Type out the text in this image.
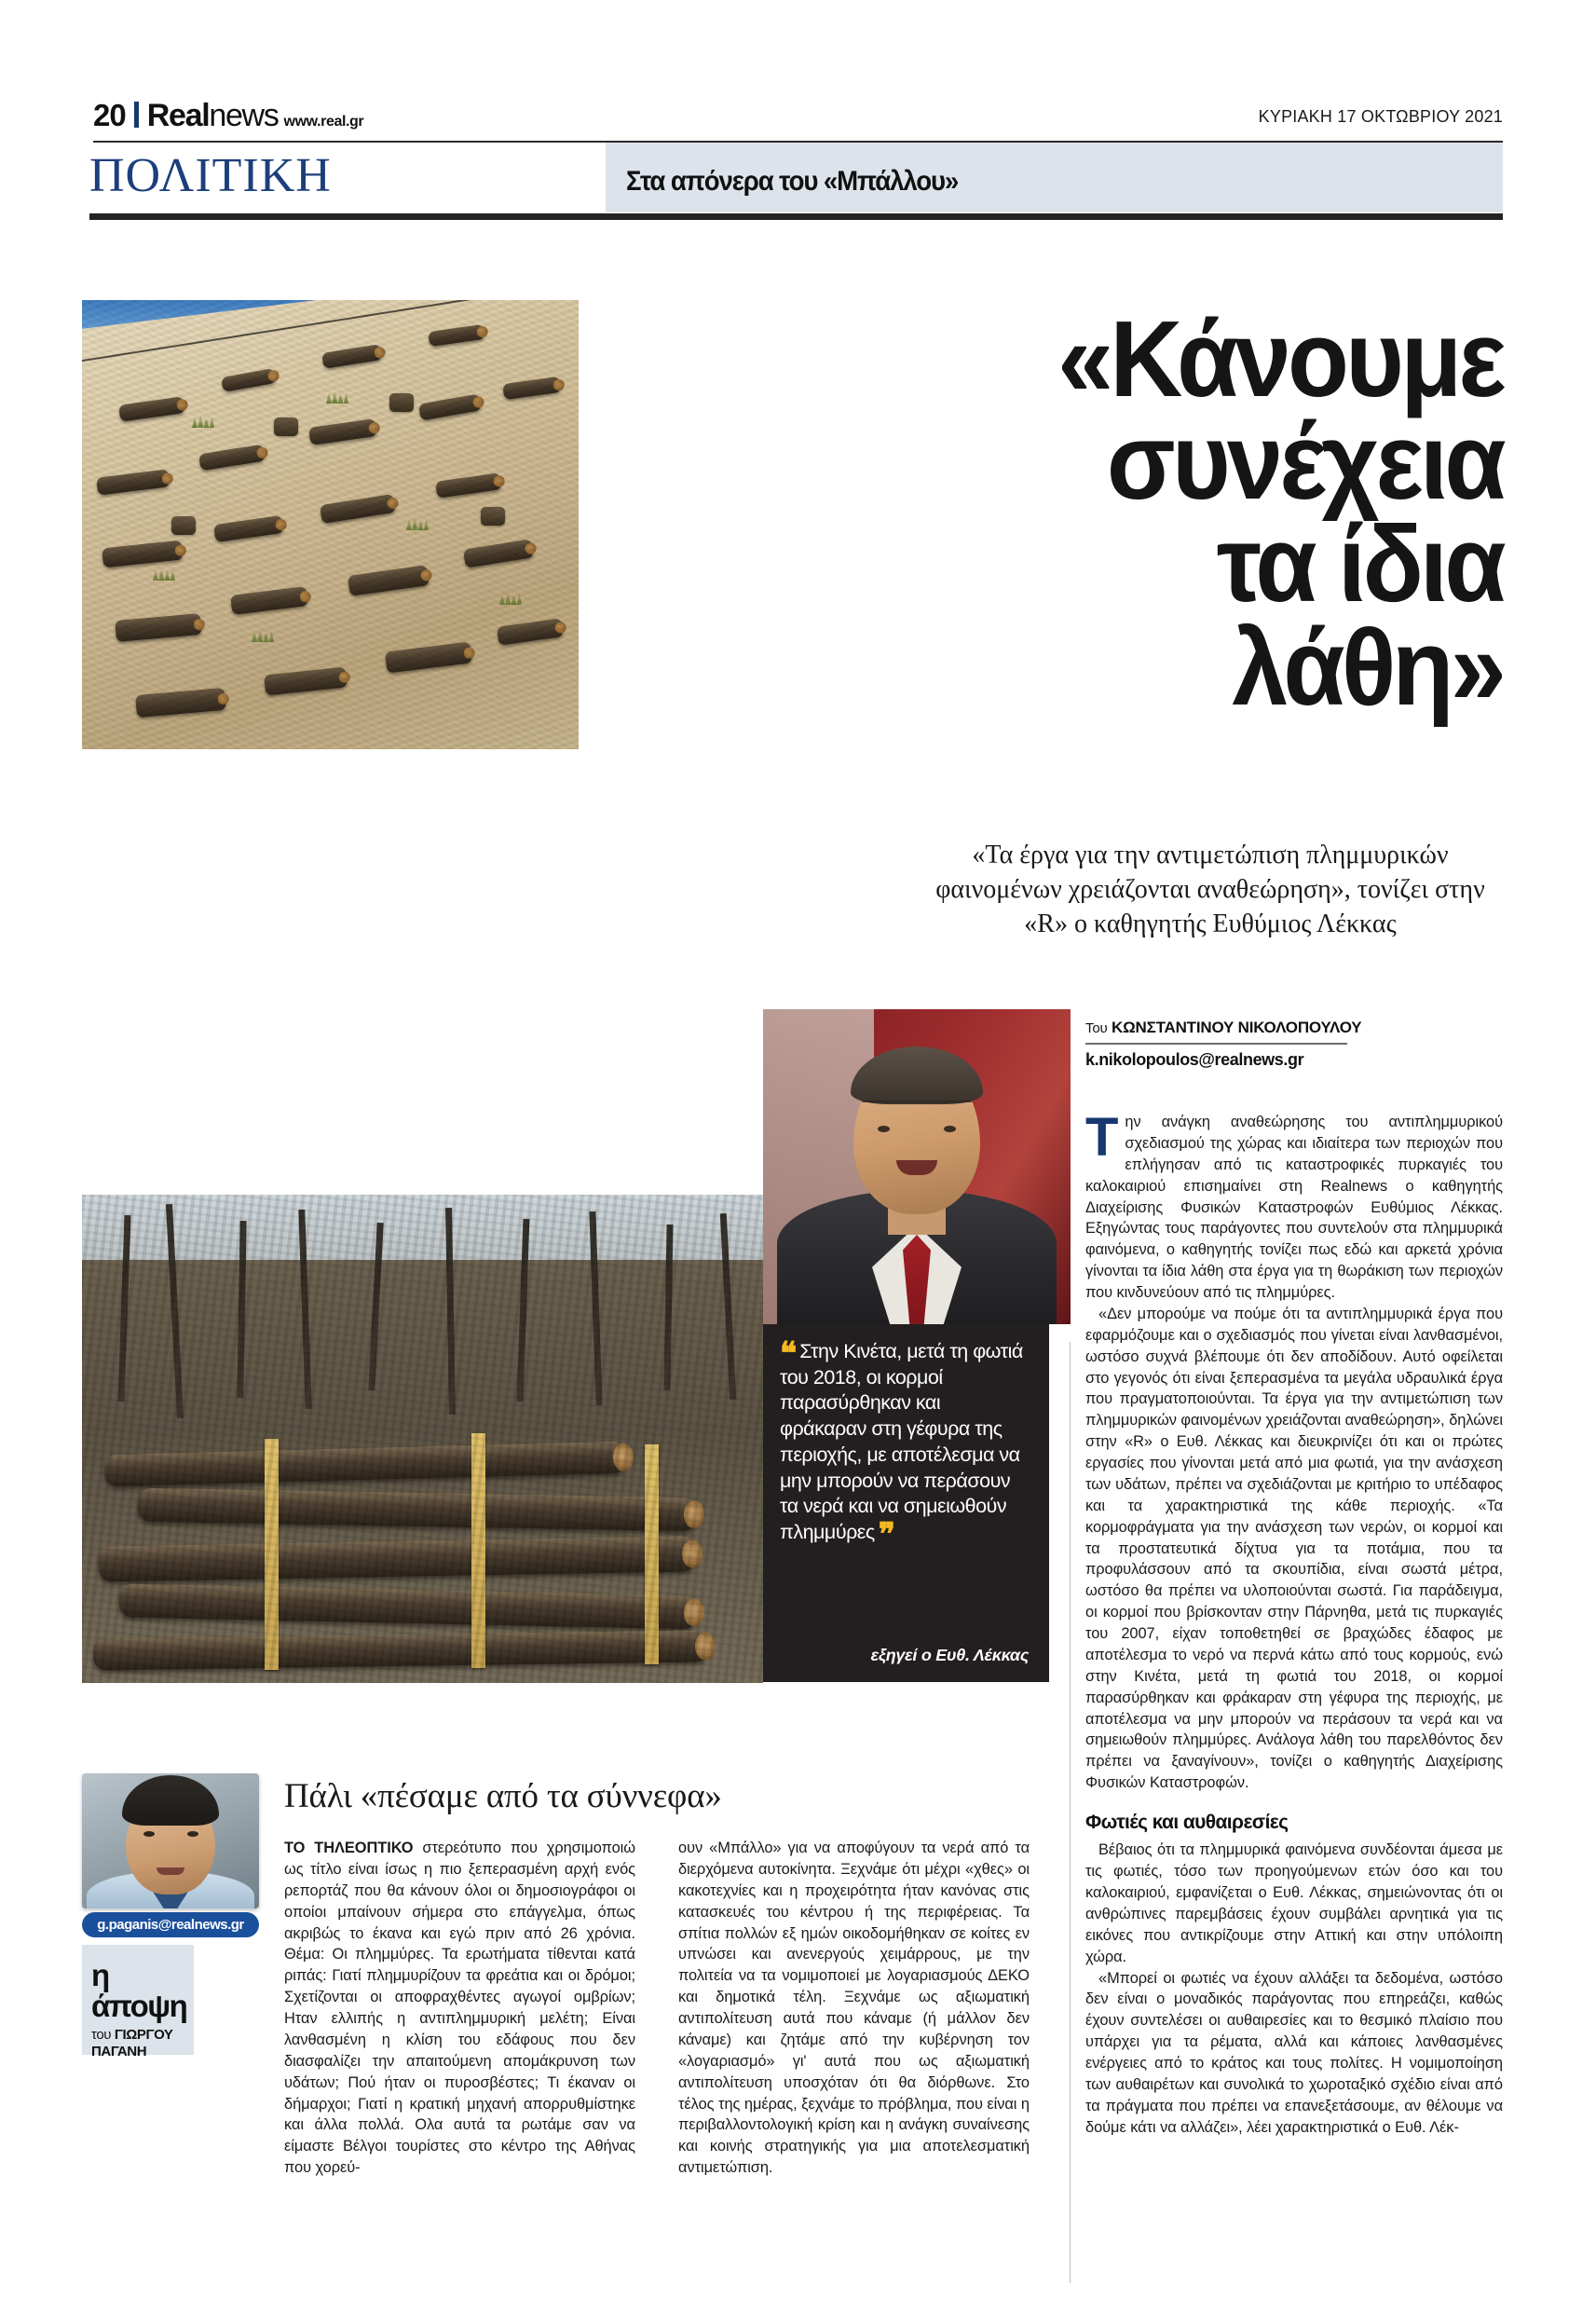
20 Realnews www.real.gr	ΚΥΡΙΑΚΗ 17 ΟΚΤΩΒΡΙΟΥ 2021
ΠΟΛΙΤΙΚΗ	Στα απόνερα του «Μπάλλου»
«Κάνουμε
συνέχεια
τα ίδια
λάθη»
«Τα έργα για την αντιμετώπιση πλημμυρικών φαινομένων χρειάζονται αναθεώρηση», τονίζει στην «R» ο καθηγητής Ευθύμιος Λέκκας
Του ΚΩΝΣΤΑΝΤΙΝΟΥ ΝΙΚΟΛΟΠΟΥΛΟΥ
k.nikolopoulos@realnews.gr

Τ ην ανάγκη αναθεώρησης του αντιπλημμυρικού σχεδιασμού της χώρας και ιδιαίτερα των περιοχών που επλήγησαν από τις καταστροφικές πυρκαγιές του καλοκαιριού επισημαίνει στη Realnews ο καθηγητής Διαχείρισης Φυσικών Καταστροφών Ευθύμιος Λέκκας. Εξηγώντας τους παράγοντες που συντελούν στα πλημμυρικά φαινόμενα, ο καθηγητής τονίζει πως εδώ και αρκετά χρόνια γίνονται τα ίδια λάθη στα έργα για τη θωράκιση των περιοχών που κινδυνεύουν από τις πλημμύρες.

«Δεν μπορούμε να πούμε ότι τα αντιπλημμυρικά έργα που εφαρμόζουμε και ο σχεδιασμός που γίνεται είναι λανθασμένοι, ωστόσο συχνά βλέπουμε ότι δεν αποδίδουν. Αυτό οφείλεται στο γεγονός ότι είναι ξεπερασμένα τα μεγάλα υδραυλικά έργα που πραγματοποιούνται. Τα έργα για την αντιμετώπιση των πλημμυρικών φαινομένων χρειάζονται αναθεώρηση», δηλώνει στην «R» ο Ευθ. Λέκκας και διευκρινίζει ότι και οι πρώτες εργασίες που γίνονται μετά από μια φωτιά, για την ανάσχεση των υδάτων, πρέπει να σχεδιάζονται με κριτήριο το υπέδαφος και τα χαρακτηριστικά της κάθε περιοχής. «Τα κορμοφράγματα για την ανάσχεση των νερών, οι κορμοί και τα προστατευτικά δίχτυα για τα ποτάμια, που τα προφυλάσσουν από τα σκουπίδια, είναι σωστά μέτρα, ωστόσο θα πρέπει να υλοποιούνται σωστά. Για παράδειγμα, οι κορμοί που βρίσκονταν στην Πάρνηθα, μετά τις πυρκαγιές του 2007, είχαν τοποθετηθεί σε βραχώδες έδαφος με αποτέλεσμα το νερό να περνά κάτω από τους κορμούς, ενώ στην Κινέτα, μετά τη φωτιά του 2018, οι κορμοί παρασύρθηκαν και φράκαραν στη γέφυρα της περιοχής, με αποτέλεσμα να μην μπορούν να περάσουν τα νερά και να σημειωθούν πλημμύρες. Ανάλογα λάθη του παρελθόντος δεν πρέπει να ξαναγίνουν», τονίζει ο καθηγητής Διαχείρισης Φυσικών Καταστροφών.

Φωτιές και αυθαιρεσίες

Βέβαιος ότι τα πλημμυρικά φαινόμενα συνδέονται άμεσα με τις φωτιές, τόσο των προηγούμενων ετών όσο και του καλοκαιριού, εμφανίζεται ο Ευθ. Λέκκας, σημειώνοντας ότι οι ανθρώπινες παρεμβάσεις έχουν συμβάλει αρνητικά για τις εικόνες που αντικρίζουμε στην Αττική και στην υπόλοιπη χώρα.

«Μπορεί οι φωτιές να έχουν αλλάξει τα δεδομένα, ωστόσο δεν είναι ο μοναδικός παράγοντας που επηρεάζει, καθώς έχουν συντελέσει οι αυθαιρεσίες και το θεσμικό πλαίσιο που υπάρχει για τα ρέματα, αλλά και κάποιες λανθασμένες ενέργειες από το κράτος και τους πολίτες. Η νομιμοποίηση των αυθαιρέτων και συνολικά το χωροταξικό σχέδιο είναι από τα πράγματα που πρέπει να επανεξετάσουμε, αν θέλουμε να δούμε κάτι να αλλάζει», λέει χαρακτηριστικά ο Ευθ. Λέκ-

❝ Στην Κινέτα, μετά τη φωτιά του 2018, οι κορμοί παρασύρθηκαν και φράκαραν στη γέφυρα της περιοχής, με αποτέλεσμα να μην μπορούν να περάσουν τα νερά και να σημειωθούν πλημμύρες ❞
εξηγεί ο Ευθ. Λέκκας
g.paganis@realnews.gr
η άποψη
του ΓΙΩΡΓΟΥ ΠΑΓΑΝΗ
Πάλι «πέσαμε από τα σύννεφα»

ΤΟ ΤΗΛΕΟΠΤΙΚΟ στερεότυπο που χρησιμοποιώ ως τίτλο είναι ίσως η πιο ξεπερασμένη αρχή ενός ρεπορτάζ που θα κάνουν όλοι οι δημοσιογράφοι οι οποίοι μπαίνουν σήμερα στο επάγγελμα, όπως ακριβώς το έκανα και εγώ πριν από 26 χρόνια. Θέμα: Οι πλημμύρες. Τα ερωτήματα τίθενται κατά ριπάς: Γιατί πλημμυρίζουν τα φρεάτια και οι δρόμοι; Σχετίζονται οι αποφραχθέντες αγωγοί ομβρίων; Ηταν ελλιπής η αντιπλημμυρική μελέτη; Είναι λανθασμένη η κλίση του εδάφους που δεν διασφαλίζει την απαιτούμενη απομάκρυνση των υδάτων; Πού ήταν οι πυροσβέστες; Τι έκαναν οι δήμαρχοι; Γιατί η κρατική μηχανή απορρυθμίστηκε και άλλα πολλά. Ολα αυτά τα ρωτάμε σαν να είμαστε Βέλγοι τουρίστες στο κέντρο της Αθήνας που χορεύ-

ουν «Μπάλλο» για να αποφύγουν τα νερά από τα διερχόμενα αυτοκίνητα. Ξεχνάμε ότι μέχρι «χθες» οι κακοτεχνίες και η προχειρότητα ήταν κανόνας στις κατασκευές του κέντρου ή της περιφέρειας. Τα σπίτια πολλών εξ ημών οικοδομήθηκαν σε κοίτες εν υπνώσει και ανενεργούς χειμάρρους, με την πολιτεία να τα νομιμοποιεί με λογαριασμούς ΔΕΚΟ και δημοτικά τέλη. Ξεχνάμε ως αξιωματική αντιπολίτευση αυτά που κάναμε (ή μάλλον δεν κάναμε) και ζητάμε από την κυβέρνηση τον «λογαριασμό» γι' αυτά που ως αξιωματική αντιπολίτευση υποσχόταν ότι θα διόρθωνε. Στο τέλος της ημέρας, ξεχνάμε το πρόβλημα, που είναι η περιβαλλοντολογική κρίση και η ανάγκη συναίνεσης και κοινής στρατηγικής για μια αποτελεσματική αντιμετώπιση.
